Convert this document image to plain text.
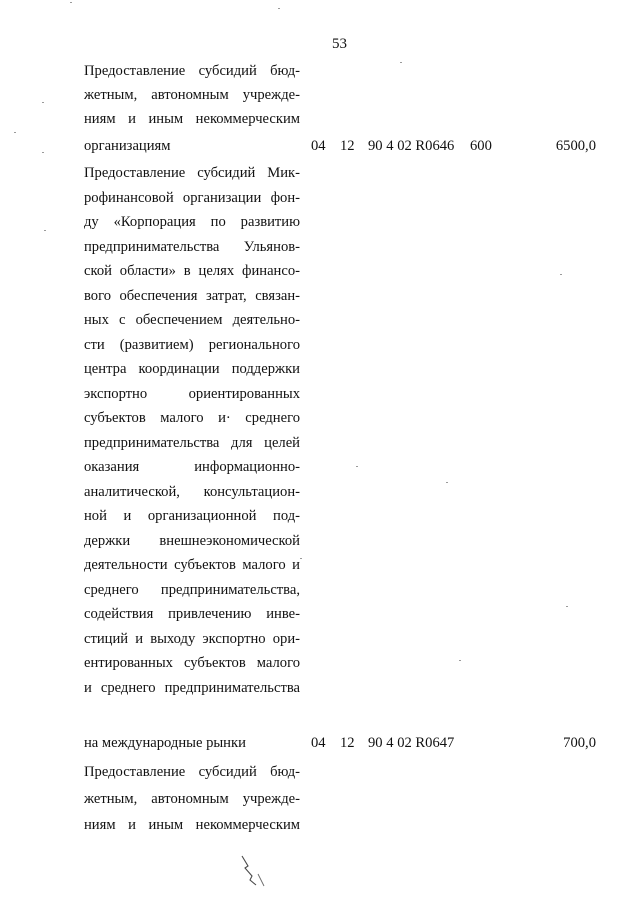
53
Предоставление субсидий бюд-
жетным, автономным учрежде-
ниям и иным некоммерческим
организациям	04 12 90 4 02 R0646 600	6500,0
Предоставление субсидий Мик-
рофинансовой организации фон-
ду «Корпорация по развитию
предпринимательства Ульянов-
ской области» в целях финансо-
вого обеспечения затрат, связан-
ных с обеспечением деятельно-
сти (развитием) регионального
центра координации поддержки
экспортно ориентированных
субъектов малого и· среднего
предпринимательства для целей
оказания информационно-
аналитической, консультацион-
ной и организационной под-
держки внешнеэкономической
деятельности субъектов малого и
среднего предпринимательства,
содействия привлечению инве-
стиций и выходу экспортно ори-
ентированных субъектов малого
и среднего предпринимательства
на международные рынки	04 12 90 4 02 R0647	700,0
Предоставление субсидий бюд-
жетным, автономным учрежде-
ниям и иным некоммерческим
